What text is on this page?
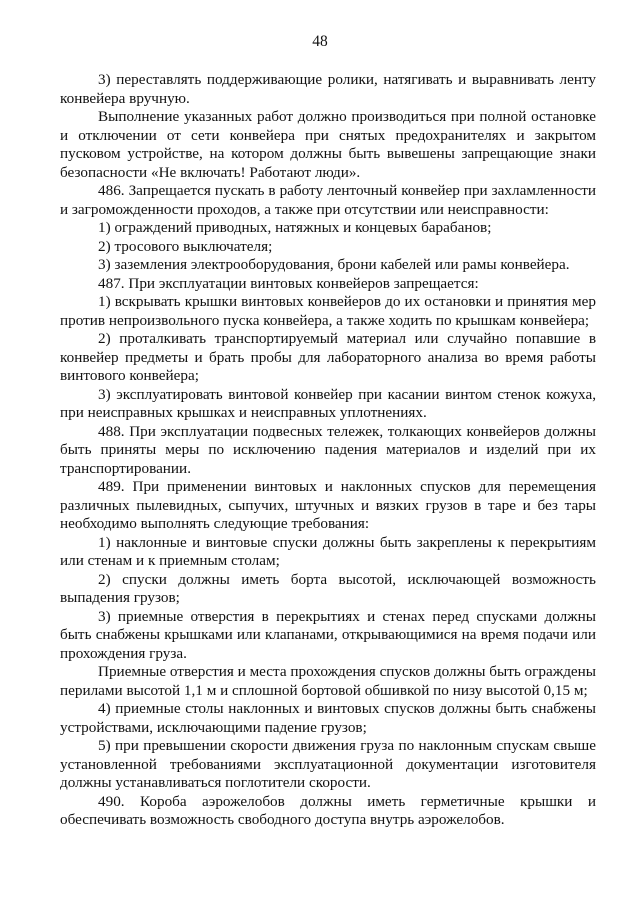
48

3) переставлять поддерживающие ролики, натягивать и выравнивать ленту конвейера вручную.

Выполнение указанных работ должно производиться при полной остановке и отключении от сети конвейера при снятых предохранителях и закрытом пусковом устройстве, на котором должны быть вывешены запрещающие знаки безопасности «Не включать! Работают люди».

486. Запрещается пускать в работу ленточный конвейер при захламленности и загроможденности проходов, а также при отсутствии или неисправности:

1) ограждений приводных, натяжных и концевых барабанов;

2) тросового выключателя;

3) заземления электрооборудования, брони кабелей или рамы конвейера.

487. При эксплуатации винтовых конвейеров запрещается:

1) вскрывать крышки винтовых конвейеров до их остановки и принятия мер против непроизвольного пуска конвейера, а также ходить по крышкам конвейера;

2) проталкивать транспортируемый материал или случайно попавшие в конвейер предметы и брать пробы для лабораторного анализа во время работы винтового конвейера;

3) эксплуатировать винтовой конвейер при касании винтом стенок кожуха, при неисправных крышках и неисправных уплотнениях.

488. При эксплуатации подвесных тележек, толкающих конвейеров должны быть приняты меры по исключению падения материалов и изделий при их транспортировании.

489. При применении винтовых и наклонных спусков для перемещения различных пылевидных, сыпучих, штучных и вязких грузов в таре и без тары необходимо выполнять следующие требования:

1) наклонные и винтовые спуски должны быть закреплены к перекрытиям или стенам и к приемным столам;

2) спуски должны иметь борта высотой, исключающей возможность выпадения грузов;

3) приемные отверстия в перекрытиях и стенах перед спусками должны быть снабжены крышками или клапанами, открывающимися на время подачи или прохождения груза.

Приемные отверстия и места прохождения спусков должны быть ограждены перилами высотой 1,1 м и сплошной бортовой обшивкой по низу высотой 0,15 м;

4) приемные столы наклонных и винтовых спусков должны быть снабжены устройствами, исключающими падение грузов;

5) при превышении скорости движения груза по наклонным спускам свыше установленной требованиями эксплуатационной документации изготовителя должны устанавливаться поглотители скорости.

490. Короба аэрожелобов должны иметь герметичные крышки и обеспечивать возможность свободного доступа внутрь аэрожелобов.
